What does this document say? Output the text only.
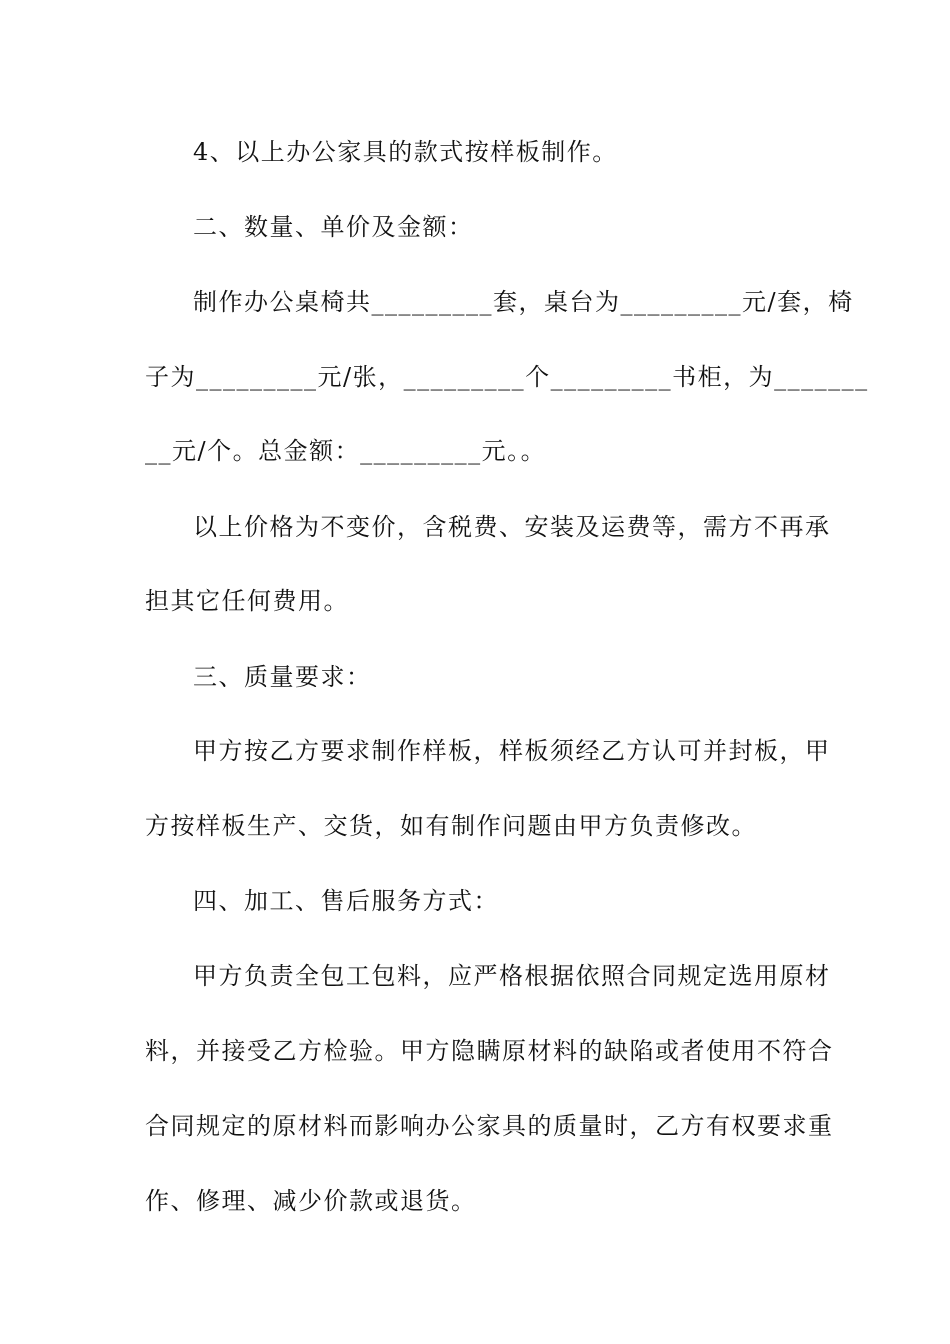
4、以上办公家具的款式按样板制作。
二、数量、单价及金额：
制作办公桌椅共_________套，桌台为_________元/套，椅
子为_________元/张，_________个_________书柜，为_______
__元/个。总金额：_________元。。
以上价格为不变价，含税费、安装及运费等，需方不再承
担其它任何费用。
三、质量要求：
甲方按乙方要求制作样板，样板须经乙方认可并封板，甲
方按样板生产、交货，如有制作问题由甲方负责修改。
四、加工、售后服务方式：
甲方负责全包工包料，应严格根据依照合同规定选用原材
料，并接受乙方检验。甲方隐瞒原材料的缺陷或者使用不符合
合同规定的原材料而影响办公家具的质量时，乙方有权要求重
作、修理、减少价款或退货。
